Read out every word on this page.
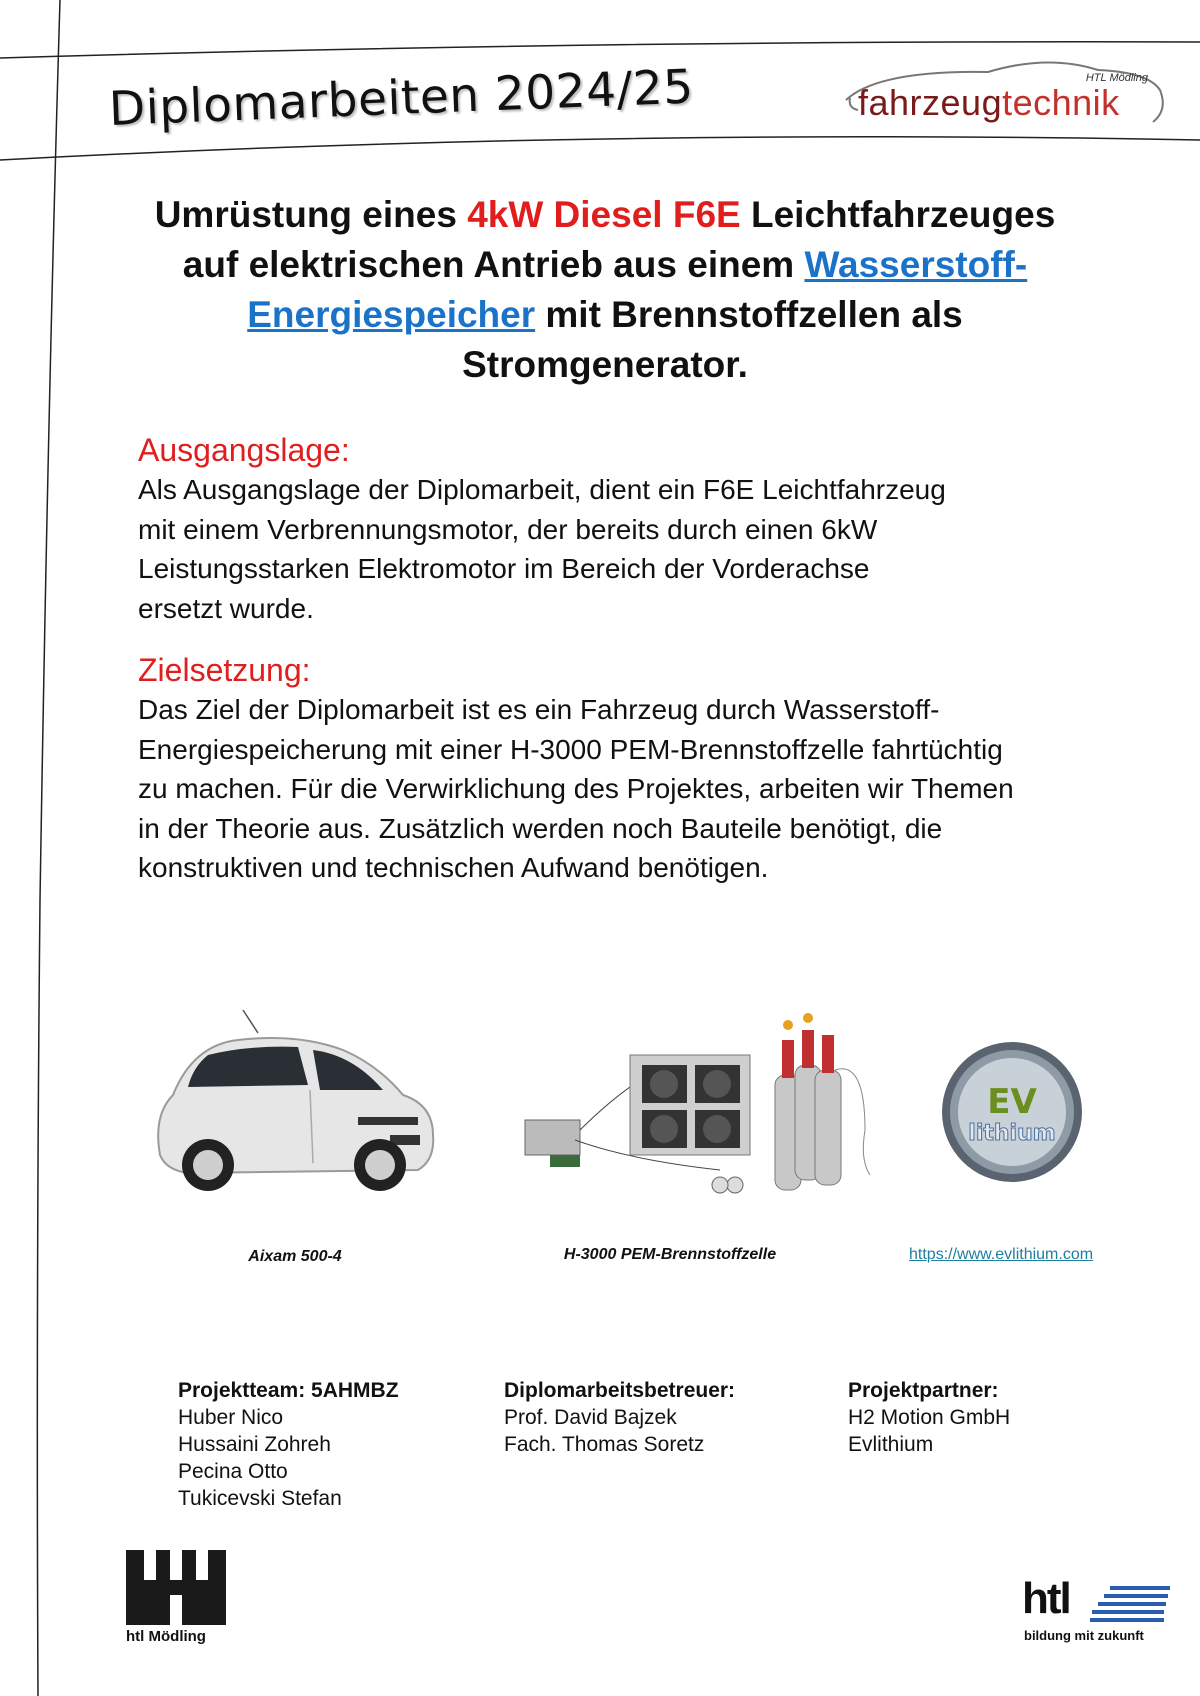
Diplomarbeiten 2024/25	HTL Mödling
fahrzeugtechnik
Umrüstung eines 4kW Diesel F6E Leichtfahrzeuges
auf elektrischen Antrieb aus einem Wasserstoff-
Energiespeicher mit Brennstoffzellen als
Stromgenerator.
Ausgangslage:
Als Ausgangslage der Diplomarbeit, dient ein F6E Leichtfahrzeug
mit einem Verbrennungsmotor, der bereits durch einen 6kW
Leistungsstarken Elektromotor im Bereich der Vorderachse
ersetzt wurde.
Zielsetzung:
Das Ziel der Diplomarbeit ist es ein Fahrzeug durch Wasserstoff-
Energiespeicherung mit einer H-3000 PEM-Brennstoffzelle fahrtüchtig
zu machen. Für die Verwirklichung des Projektes, arbeiten wir Themen
in der Theorie aus. Zusätzlich werden noch Bauteile benötigt, die
konstruktiven und technischen Aufwand benötigen.
EV
lithium
Aixam 500-4	H-3000 PEM-Brennstoffzelle	https://www.evlithium.com
Projektteam: 5AHMBZ
Huber Nico
Hussaini Zohreh
Pecina Otto
Tukicevski Stefan
Diplomarbeitsbetreuer:
Prof. David Bajzek
Fach. Thomas Soretz
Projektpartner:
H2 Motion GmbH
Evlithium
htl Mödling
htl
bildung mit zukunft
